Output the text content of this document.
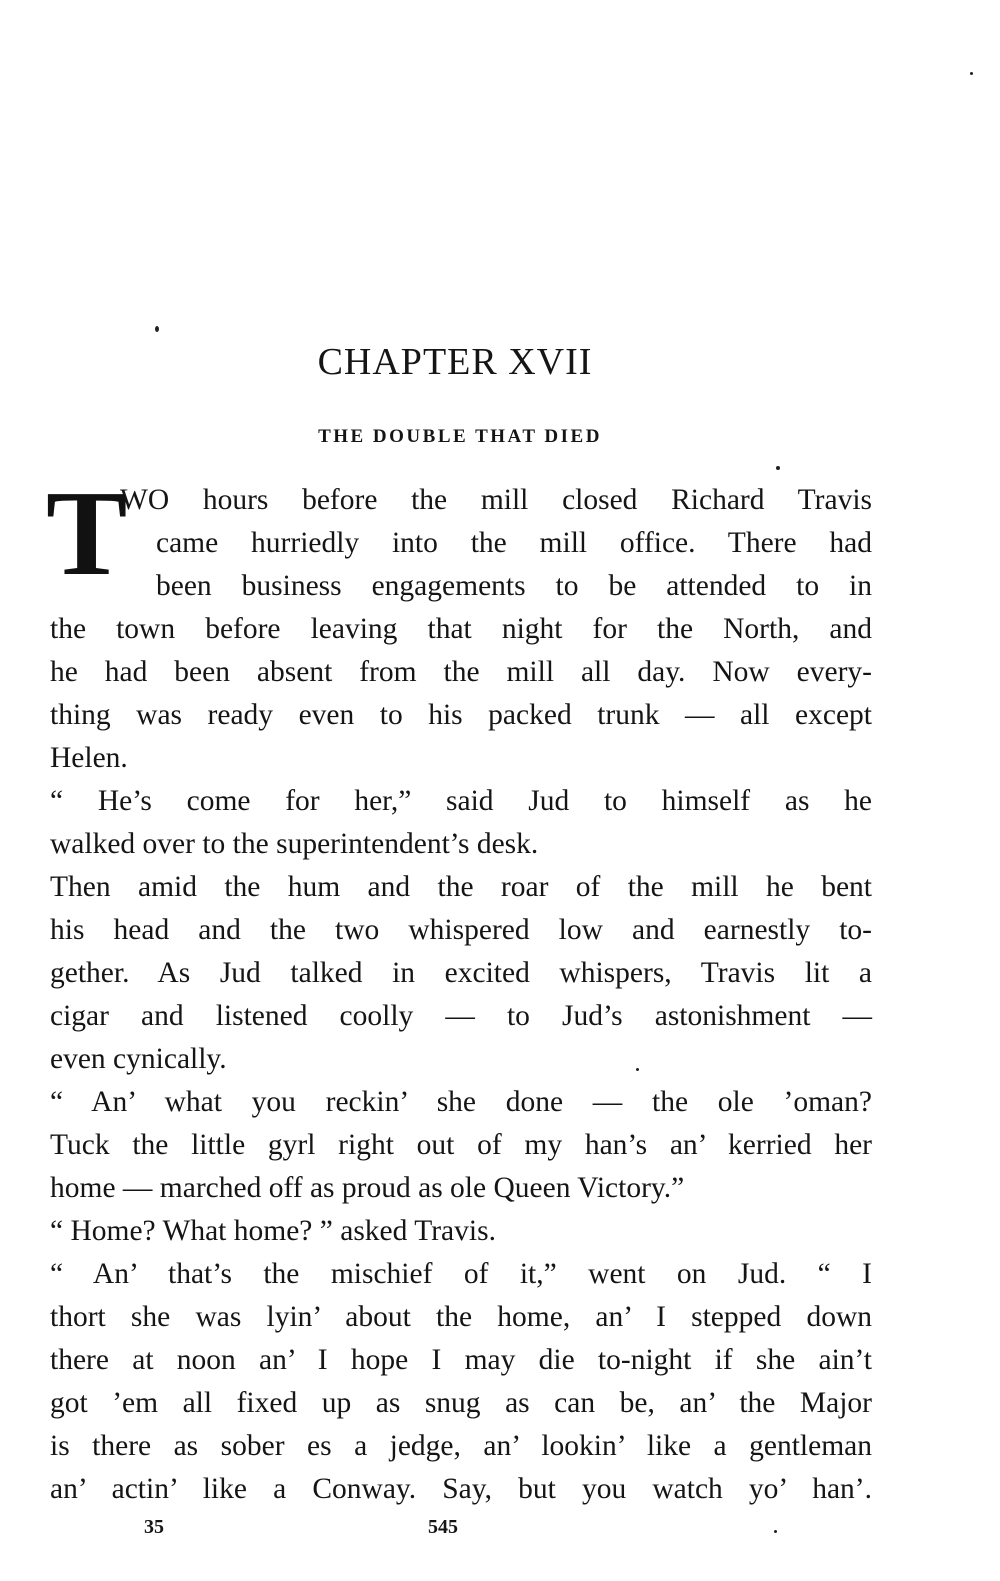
CHAPTER XVII
THE DOUBLE THAT DIED
T
WO hours before the mill closed Richard Travis
came hurriedly into the mill office. There had
been business engagements to be attended to in
the town before leaving that night for the North, and
he had been absent from the mill all day. Now every-
thing was ready even to his packed trunk — all except
Helen.
“ He’s come for her,” said Jud to himself as he
walked over to the superintendent’s desk.
Then amid the hum and the roar of the mill he bent
his head and the two whispered low and earnestly to-
gether. As Jud talked in excited whispers, Travis lit a
cigar and listened coolly — to Jud’s astonishment —
even cynically.
“ An’ what you reckin’ she done — the ole ’oman?
Tuck the little gyrl right out of my han’s an’ kerried her
home — marched off as proud as ole Queen Victory.”
“ Home? What home? ” asked Travis.
“ An’ that’s the mischief of it,” went on Jud. “ I
thort she was lyin’ about the home, an’ I stepped down
there at noon an’ I hope I may die to-night if she ain’t
got ’em all fixed up as snug as can be, an’ the Major
is there as sober es a jedge, an’ lookin’ like a gentleman
an’ actin’ like a Conway. Say, but you watch yo’ han’.
35	545
